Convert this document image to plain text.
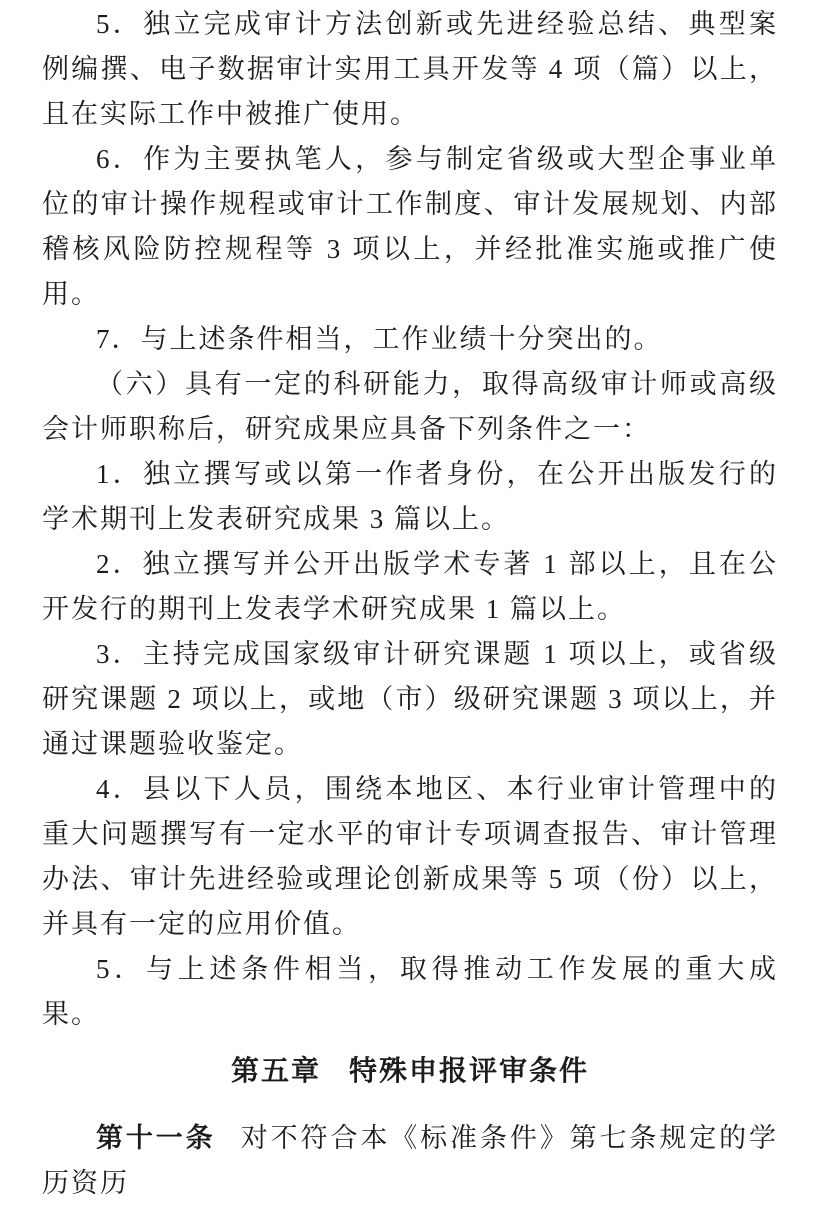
5．独立完成审计方法创新或先进经验总结、典型案例编撰、电子数据审计实用工具开发等 4 项（篇）以上，且在实际工作中被推广使用。

6．作为主要执笔人，参与制定省级或大型企事业单位的审计操作规程或审计工作制度、审计发展规划、内部稽核风险防控规程等 3 项以上，并经批准实施或推广使用。

7．与上述条件相当，工作业绩十分突出的。

（六）具有一定的科研能力，取得高级审计师或高级会计师职称后，研究成果应具备下列条件之一：

1．独立撰写或以第一作者身份，在公开出版发行的学术期刊上发表研究成果 3 篇以上。

2．独立撰写并公开出版学术专著 1 部以上，且在公开发行的期刊上发表学术研究成果 1 篇以上。

3．主持完成国家级审计研究课题 1 项以上，或省级研究课题 2 项以上，或地（市）级研究课题 3 项以上，并通过课题验收鉴定。

4．县以下人员，围绕本地区、本行业审计管理中的重大问题撰写有一定水平的审计专项调查报告、审计管理办法、审计先进经验或理论创新成果等 5 项（份）以上，并具有一定的应用价值。

5．与上述条件相当，取得推动工作发展的重大成果。

第五章 特殊申报评审条件

第十一条 对不符合本《标准条件》第七条规定的学历资历
